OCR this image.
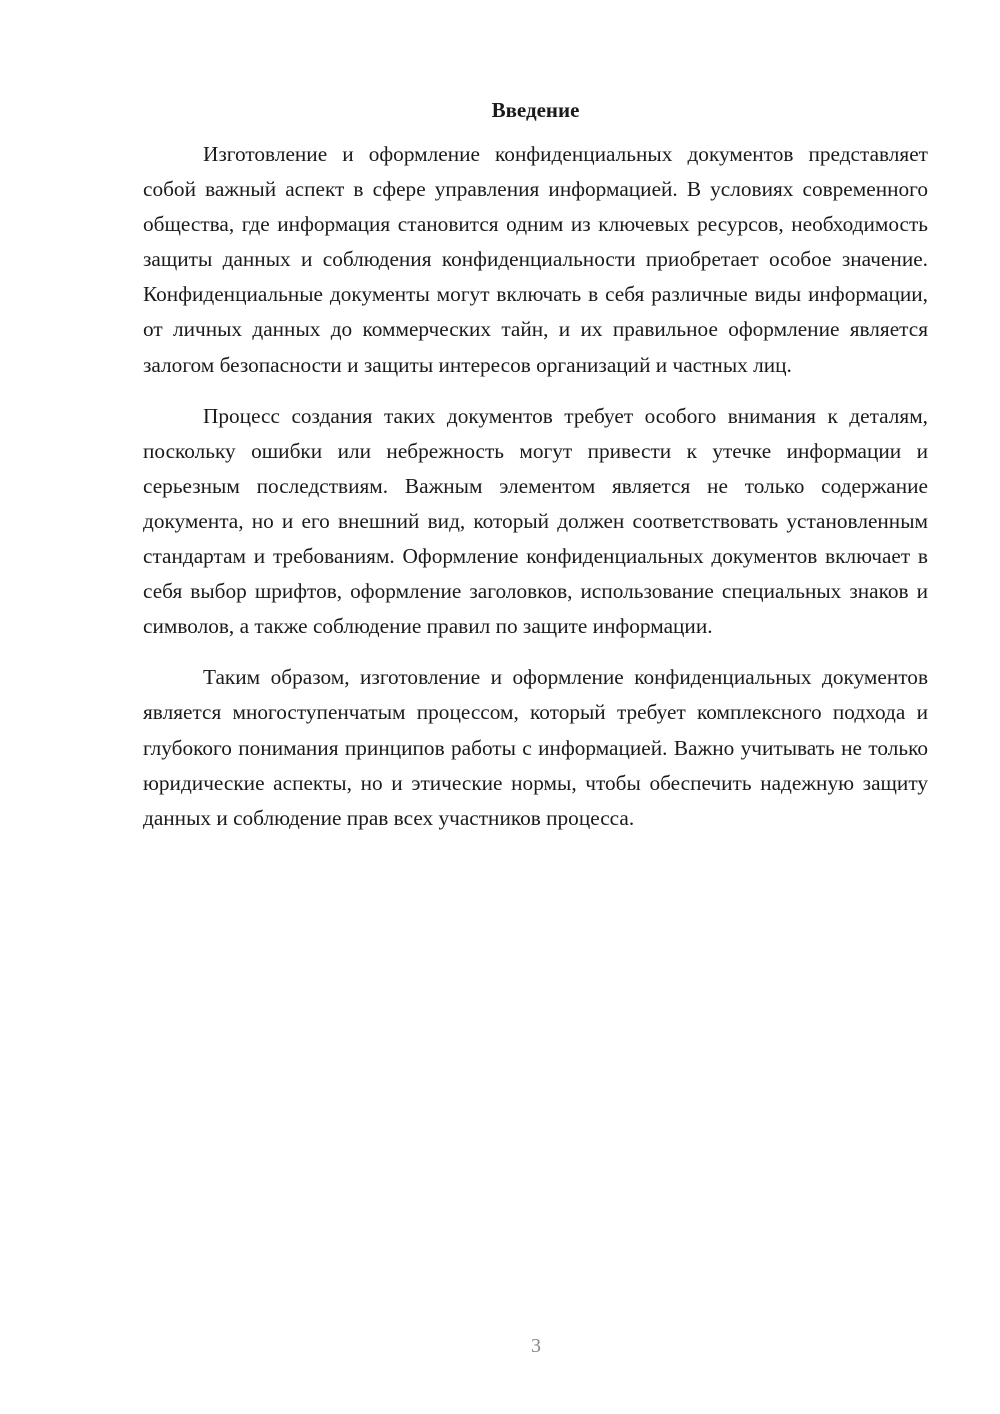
Введение

Изготовление и оформление конфиденциальных документов представляет собой важный аспект в сфере управления информацией. В условиях современного общества, где информация становится одним из ключевых ресурсов, необходимость защиты данных и соблюдения конфиденциальности приобретает особое значение. Конфиденциальные документы могут включать в себя различные виды информации, от личных данных до коммерческих тайн, и их правильное оформление является залогом безопасности и защиты интересов организаций и частных лиц.

Процесс создания таких документов требует особого внимания к деталям, поскольку ошибки или небрежность могут привести к утечке информации и серьезным последствиям. Важным элементом является не только содержание документа, но и его внешний вид, который должен соответствовать установленным стандартам и требованиям. Оформление конфиденциальных документов включает в себя выбор шрифтов, оформление заголовков, использование специальных знаков и символов, а также соблюдение правил по защите информации.

Таким образом, изготовление и оформление конфиденциальных документов является многоступенчатым процессом, который требует комплексного подхода и глубокого понимания принципов работы с информацией. Важно учитывать не только юридические аспекты, но и этические нормы, чтобы обеспечить надежную защиту данных и соблюдение прав всех участников процесса.

3
